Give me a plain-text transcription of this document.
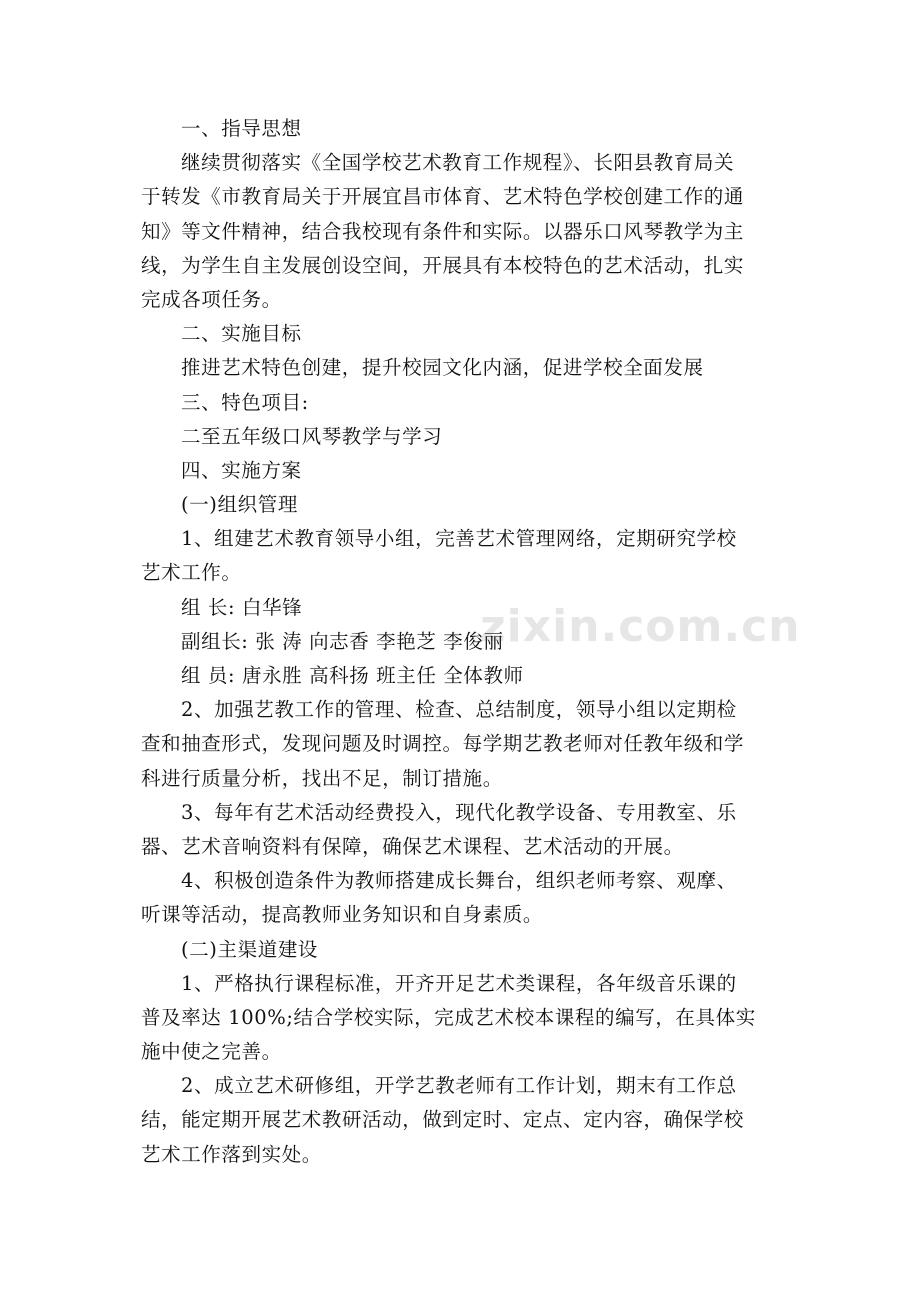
zixin.com.cn
一、指导思想
继续贯彻落实《全国学校艺术教育工作规程》、长阳县教育局关
于转发《市教育局关于开展宜昌市体育、艺术特色学校创建工作的通
知》等文件精神，结合我校现有条件和实际。以器乐口风琴教学为主
线，为学生自主发展创设空间，开展具有本校特色的艺术活动，扎实
完成各项任务。
二、实施目标
推进艺术特色创建，提升校园文化内涵，促进学校全面发展
三、特色项目:
二至五年级口风琴教学与学习
四、实施方案
(一)组织管理
1、组建艺术教育领导小组，完善艺术管理网络，定期研究学校
艺术工作。
组 长: 白华锋
副组长: 张 涛 向志香 李艳芝 李俊丽
组 员: 唐永胜 高科扬 班主任 全体教师
2、加强艺教工作的管理、检查、总结制度，领导小组以定期检
查和抽查形式，发现问题及时调控。每学期艺教老师对任教年级和学
科进行质量分析，找出不足，制订措施。
3、每年有艺术活动经费投入，现代化教学设备、专用教室、乐
器、艺术音响资料有保障，确保艺术课程、艺术活动的开展。
4、积极创造条件为教师搭建成长舞台，组织老师考察、观摩、
听课等活动，提高教师业务知识和自身素质。
(二)主渠道建设
1、严格执行课程标准，开齐开足艺术类课程，各年级音乐课的
普及率达 100%;结合学校实际，完成艺术校本课程的编写，在具体实
施中使之完善。
2、成立艺术研修组，开学艺教老师有工作计划，期末有工作总
结，能定期开展艺术教研活动，做到定时、定点、定内容，确保学校
艺术工作落到实处。
